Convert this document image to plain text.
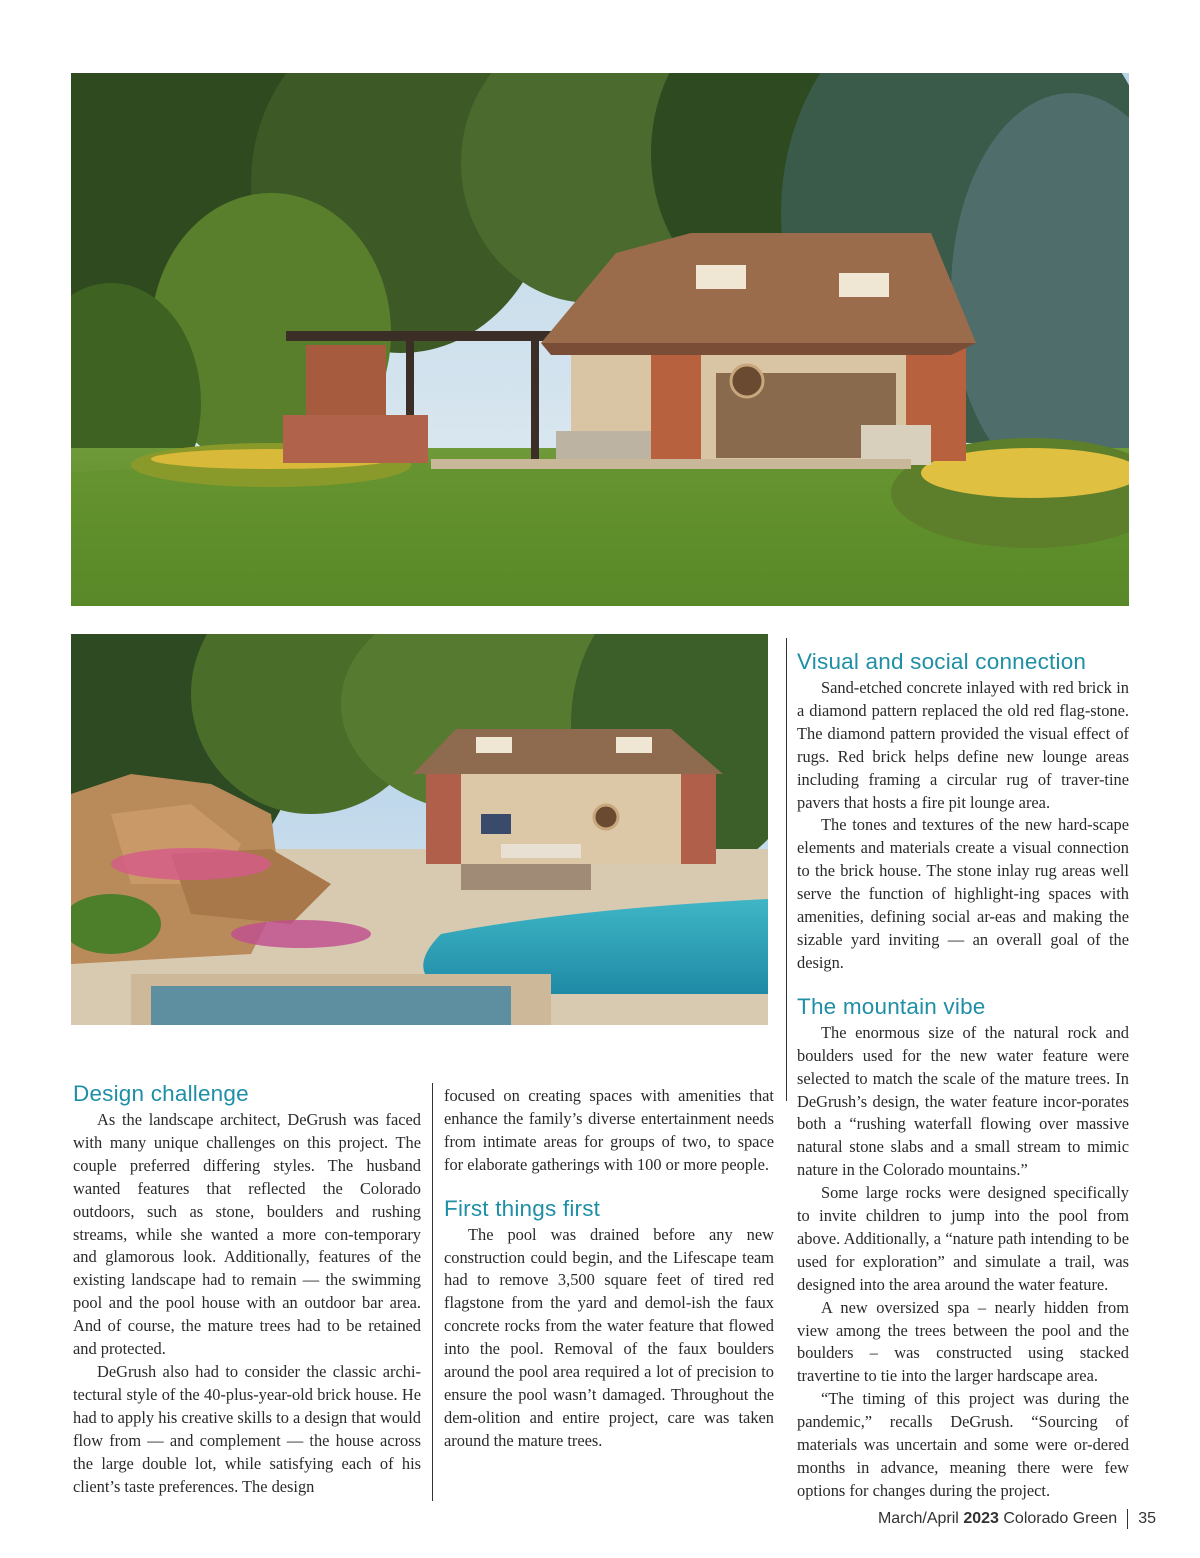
Design challenge

As the landscape architect, DeGrush was faced with many unique challenges on this project. The couple preferred differing styles. The husband wanted features that reflected the Colorado outdoors, such as stone, boulders and rushing streams, while she wanted a more con-temporary and glamorous look. Additionally, features of the existing landscape had to remain — the swimming pool and the pool house with an outdoor bar area. And of course, the mature trees had to be retained and protected.

DeGrush also had to consider the classic archi-tectural style of the 40-plus-year-old brick house. He had to apply his creative skills to a design that would flow from — and complement — the house across the large double lot, while satisfying each of his client’s taste preferences. The design

focused on creating spaces with amenities that enhance the family’s diverse entertainment needs from intimate areas for groups of two, to space for elaborate gatherings with 100 or more people.

First things first

The pool was drained before any new construction could begin, and the Lifescape team had to remove 3,500 square feet of tired red flagstone from the yard and demol-ish the faux concrete rocks from the water feature that flowed into the pool. Removal of the faux boulders around the pool area required a lot of precision to ensure the pool wasn’t damaged. Throughout the dem-olition and entire project, care was taken around the mature trees.

Visual and social connection

Sand-etched concrete inlayed with red brick in a diamond pattern replaced the old red flag-stone. The diamond pattern provided the visual effect of rugs. Red brick helps define new lounge areas including framing a circular rug of traver-tine pavers that hosts a fire pit lounge area.

The tones and textures of the new hard-scape elements and materials create a visual connection to the brick house. The stone inlay rug areas well serve the function of highlight-ing spaces with amenities, defining social ar-eas and making the sizable yard inviting — an overall goal of the design.

The mountain vibe

The enormous size of the natural rock and boulders used for the new water feature were selected to match the scale of the mature trees. In DeGrush’s design, the water feature incor-porates both a “rushing waterfall flowing over massive natural stone slabs and a small stream to mimic nature in the Colorado mountains.”

Some large rocks were designed specifically to invite children to jump into the pool from above. Additionally, a “nature path intending to be used for exploration” and simulate a trail, was designed into the area around the water feature.

A new oversized spa – nearly hidden from view among the trees between the pool and the boulders – was constructed using stacked travertine to tie into the larger hardscape area.

“The timing of this project was during the pandemic,” recalls DeGrush. “Sourcing of materials was uncertain and some were or-dered months in advance, meaning there were few options for changes during the project.

March/April
2023
Colorado Green 35
